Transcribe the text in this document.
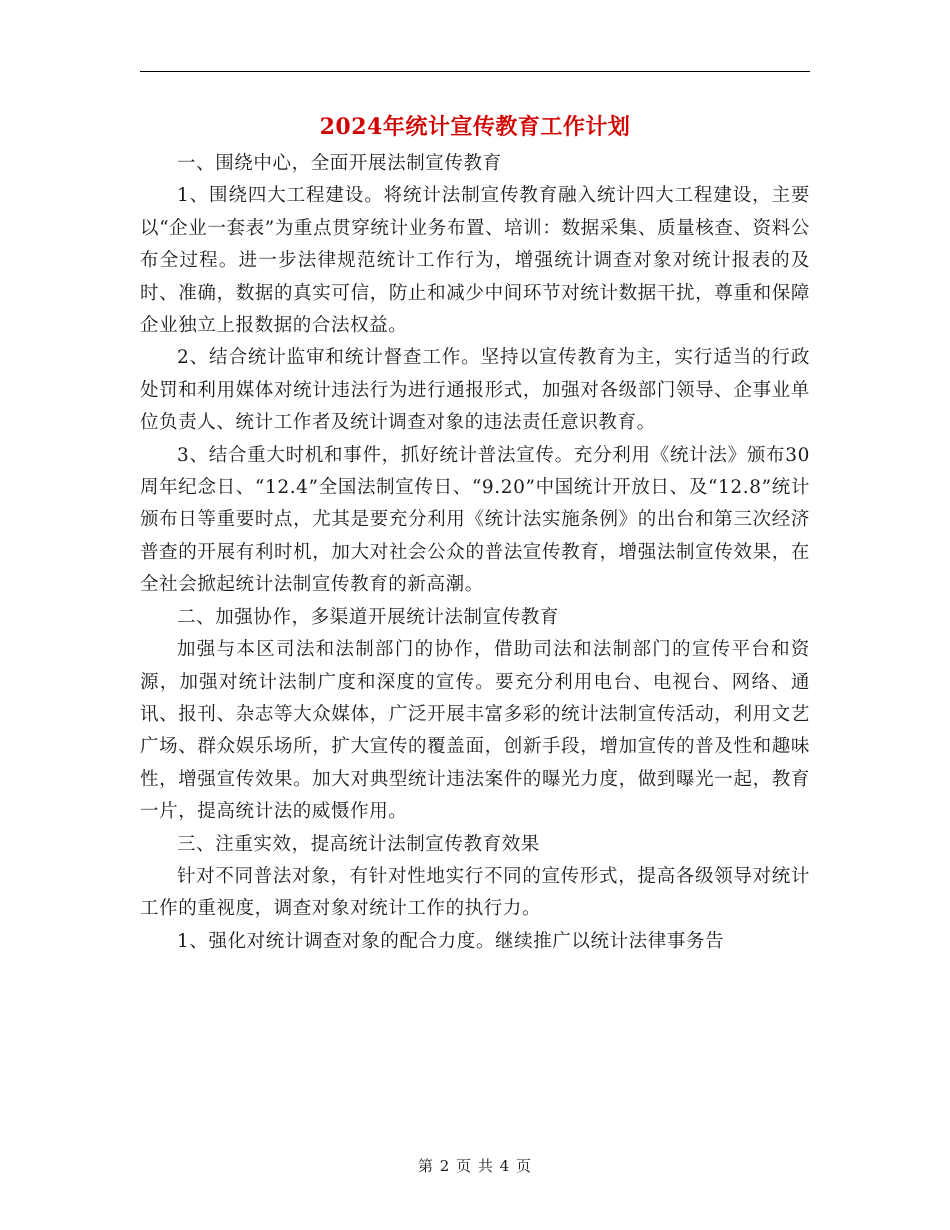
2024年统计宣传教育工作计划

一、围绕中心，全面开展法制宣传教育

1、围绕四大工程建设。将统计法制宣传教育融入统计四大工程建设，主要以“企业一套表”为重点贯穿统计业务布置、培训：数据采集、质量核查、资料公布全过程。进一步法律规范统计工作行为，增强统计调查对象对统计报表的及时、准确，数据的真实可信，防止和减少中间环节对统计数据干扰，尊重和保障企业独立上报数据的合法权益。

2、结合统计监审和统计督查工作。坚持以宣传教育为主，实行适当的行政处罚和利用媒体对统计违法行为进行通报形式，加强对各级部门领导、企事业单位负责人、统计工作者及统计调查对象的违法责任意识教育。

3、结合重大时机和事件，抓好统计普法宣传。充分利用《统计法》颁布30周年纪念日、“12.4”全国法制宣传日、“9.20”中国统计开放日、及“12.8”统计颁布日等重要时点，尤其是要充分利用《统计法实施条例》的出台和第三次经济普查的开展有利时机，加大对社会公众的普法宣传教育，增强法制宣传效果，在全社会掀起统计法制宣传教育的新高潮。

二、加强协作，多渠道开展统计法制宣传教育

加强与本区司法和法制部门的协作，借助司法和法制部门的宣传平台和资源，加强对统计法制广度和深度的宣传。要充分利用电台、电视台、网络、通讯、报刊、杂志等大众媒体，广泛开展丰富多彩的统计法制宣传活动，利用文艺广场、群众娱乐场所，扩大宣传的覆盖面，创新手段，增加宣传的普及性和趣味性，增强宣传效果。加大对典型统计违法案件的曝光力度，做到曝光一起，教育一片，提高统计法的威慑作用。

三、注重实效，提高统计法制宣传教育效果

针对不同普法对象，有针对性地实行不同的宣传形式，提高各级领导对统计工作的重视度，调查对象对统计工作的执行力。

1、强化对统计调查对象的配合力度。继续推广以统计法律事务告

第 2 页 共 4 页
